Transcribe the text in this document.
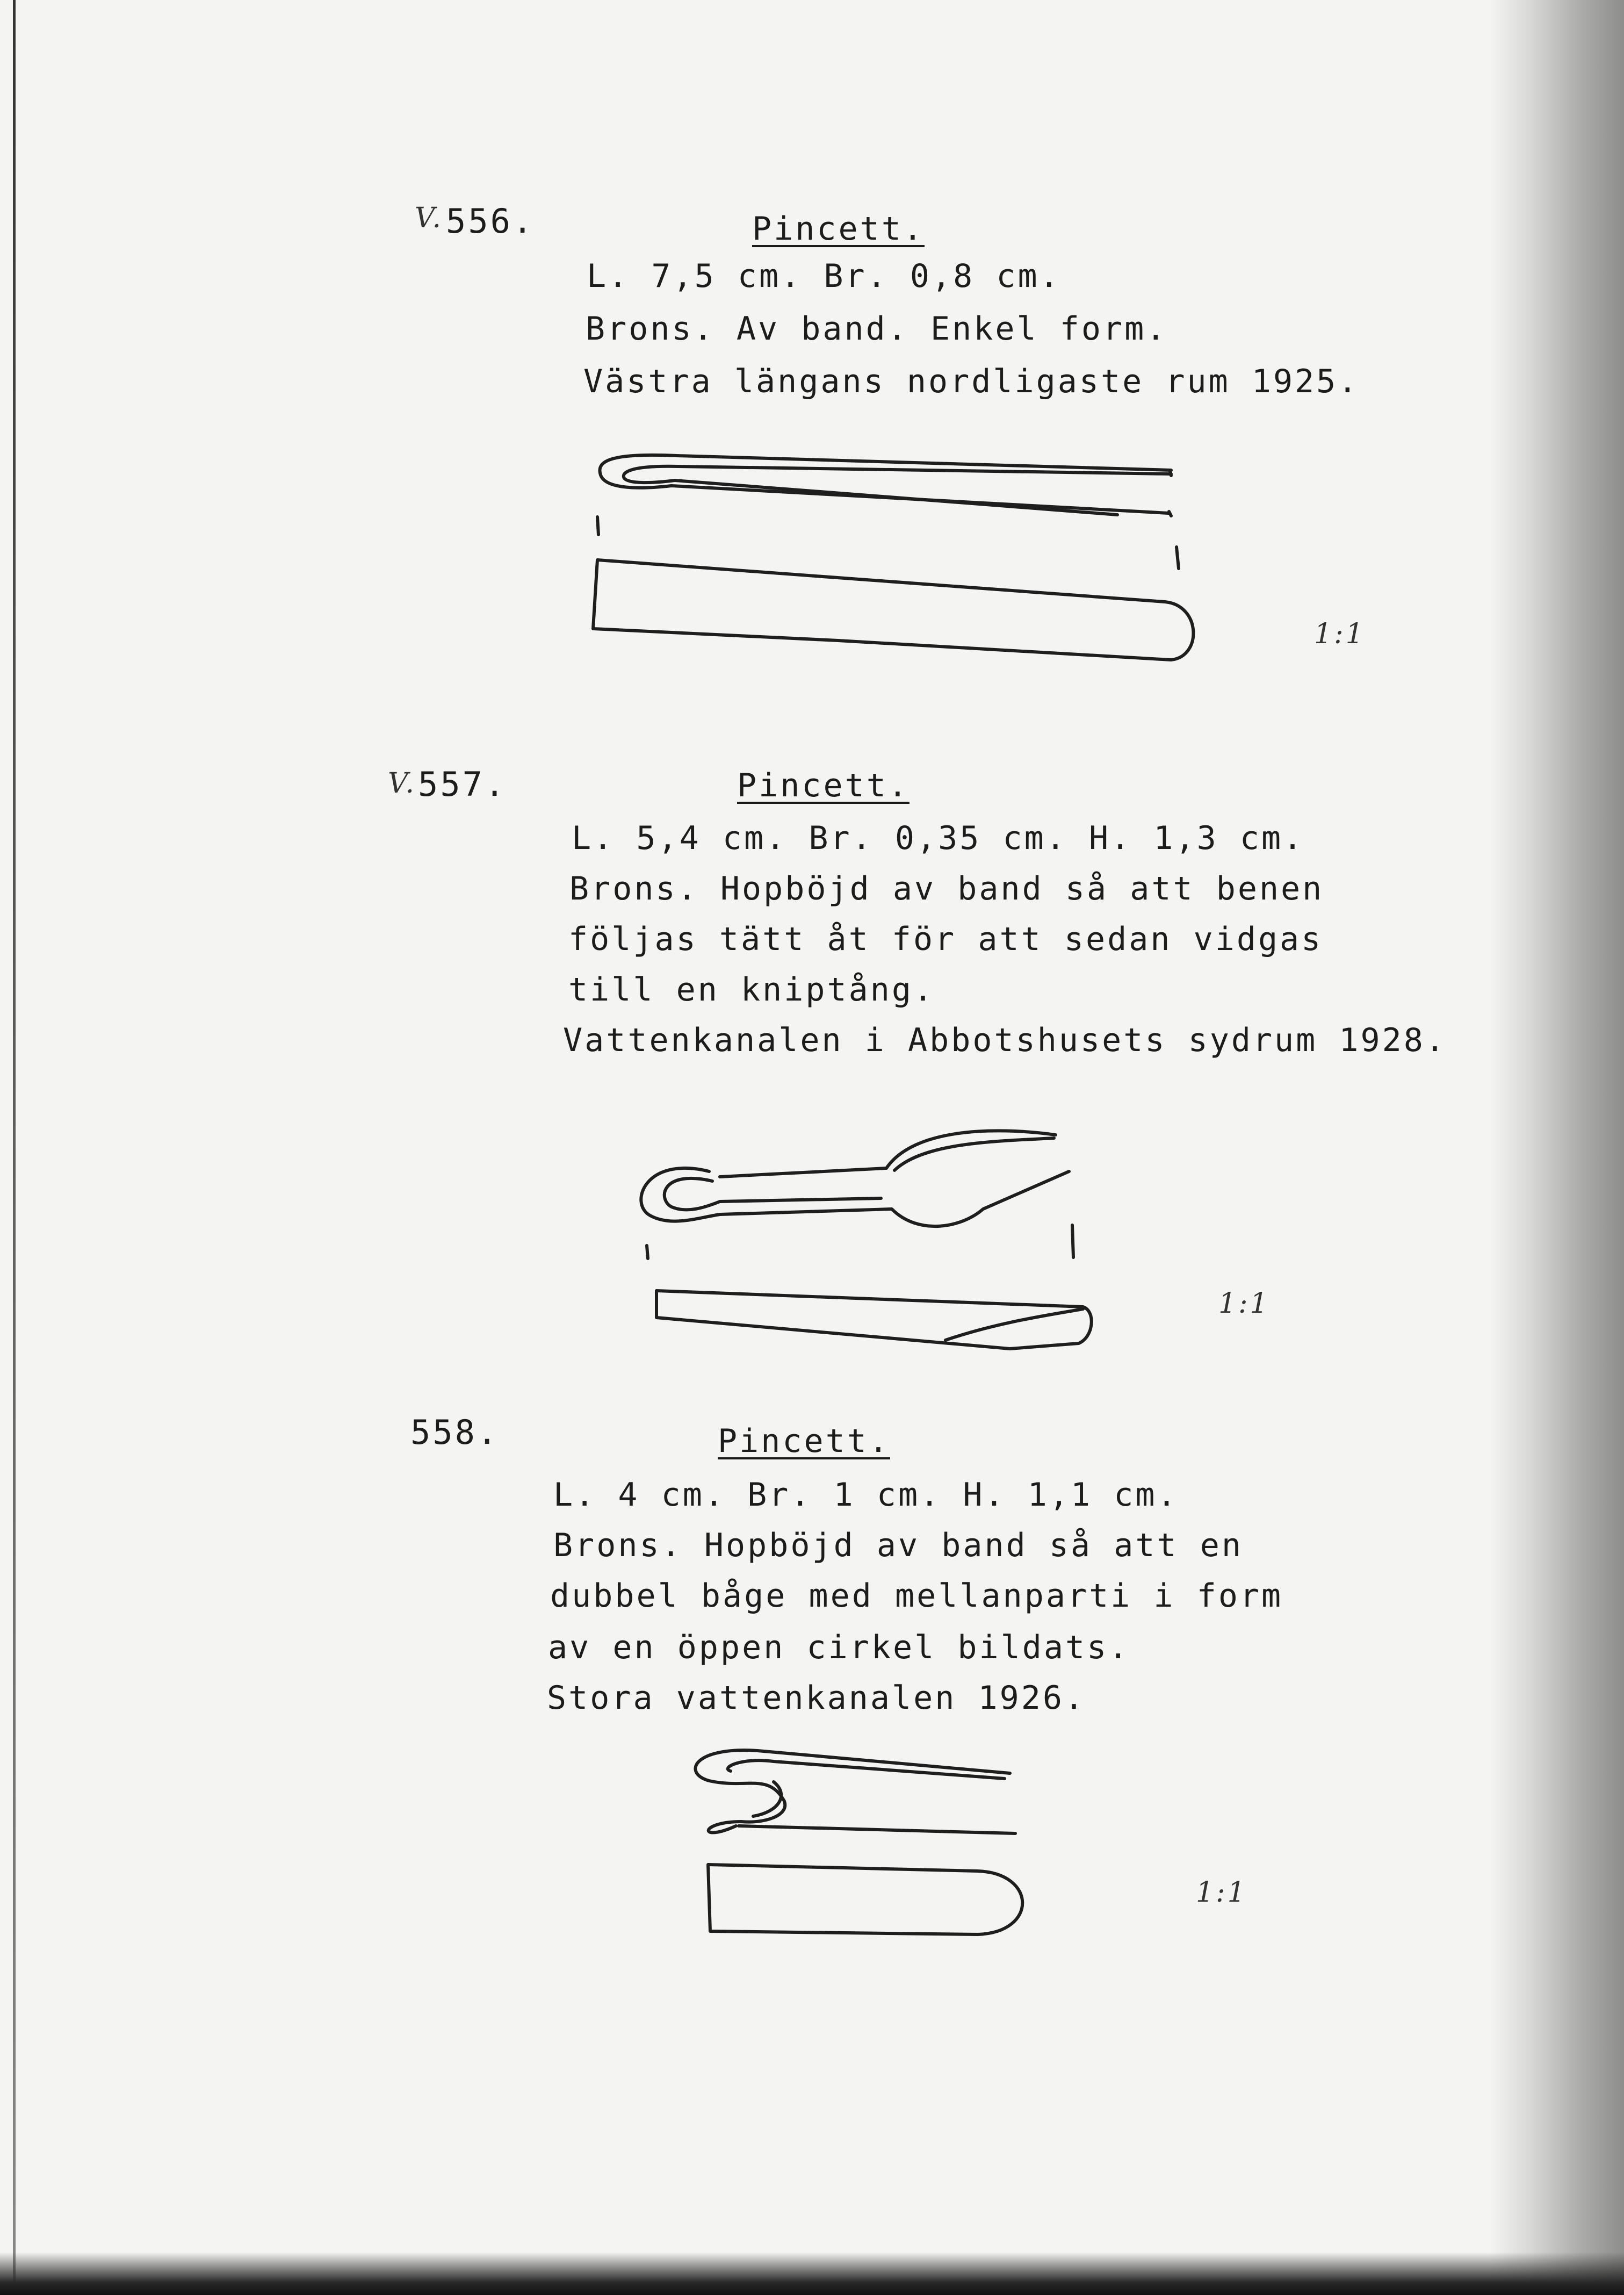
V. 556.	Pincett.
L. 7,5 cm. Br. 0,8 cm.
Brons. Av band. Enkel form.
Västra längans nordligaste rum 1925.
1:1
V. 557.	Pincett.
L. 5,4 cm. Br. 0,35 cm. H. 1,3 cm.
Brons. Hopböjd av band så att benen
följas tätt åt för att sedan vidgas
till en kniptång.
Vattenkanalen i Abbotshusets sydrum 1928.
1:1
558.	Pincett.
L. 4 cm. Br. 1 cm. H. 1,1 cm.
Brons. Hopböjd av band så att en
dubbel båge med mellanparti i form
av en öppen cirkel bildats.
Stora vattenkanalen 1926.
1:1
